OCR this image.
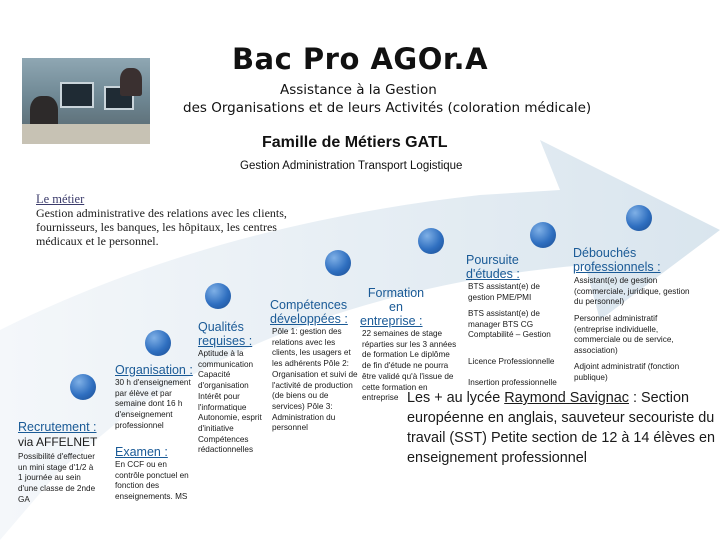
Bac Pro AGOr.A
Assistance à la Gestion
des Organisations et de leurs Activités (coloration médicale)
Famille de Métiers GATL
Gestion Administration Transport Logistique
Le métier
Gestion administrative des relations avec les clients, fournisseurs, les banques, les hôpitaux, les centres médicaux et le personnel.
Recrutement :
via AFFELNET
Possibilité d'effectuer un mini stage d'1/2 à 1 journée au sein d'une classe de 2nde GA
Organisation :
30 h d'enseignement par élève et par semaine dont 16 h d'enseignement professionnel
Examen :
En CCF ou en contrôle ponctuel en fonction des enseignements. MS
Qualités
requises :
Aptitude à la communication Capacité d'organisation Intérêt pour l'informatique Autonomie, esprit d'initiative Compétences rédactionnelles
Compétences
développées :
Pôle 1: gestion des relations avec les clients, les usagers et les adhérents Pôle 2: Organisation et suivi de l'activité de production (de biens ou de services) Pôle 3: Administration du personnel
Formation en
entreprise :
22 semaines de stage réparties sur les 3 années de formation Le diplôme de fin d'étude ne pourra être validé qu'à l'issue de cette formation en entreprise
Poursuite
d'études :
BTS assistant(e) de gestion PME/PMI
BTS assistant(e) de manager BTS CG Comptabilité – Gestion
Licence Professionnelle
Insertion professionnelle
Débouchés
professionnels :
Assistant(e) de gestion (commerciale, juridique, gestion du personnel)
Personnel administratif (entreprise individuelle, commerciale ou de service, association)
Adjoint administratif (fonction publique)
Les + au lycée Raymond Savignac : Section européenne en anglais, sauveteur secouriste du travail (SST) Petite section de 12 à 14 élèves en enseignement professionnel
